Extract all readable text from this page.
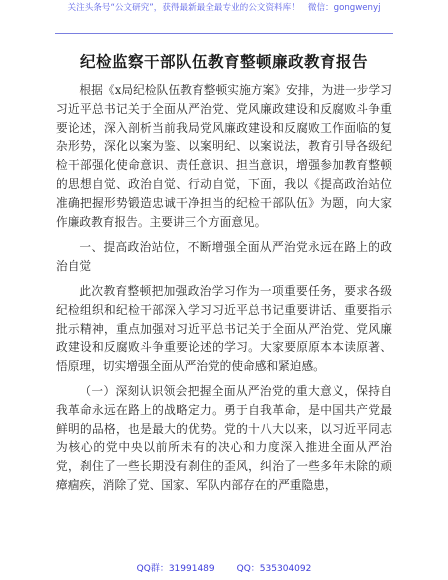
关注头条号“公文研究”，获得最新最全最专业的公文资料库！ 微信：gongwenyj
纪检监察干部队伍教育整顿廉政教育报告

根据《x局纪检队伍教育整顿实施方案》安排，为进一步学习习近平总书记关于全面从严治党、党风廉政建设和反腐败斗争重要论述，深入剖析当前我局党风廉政建设和反腐败工作面临的复杂形势，深化以案为鉴、以案明纪、以案说法，教育引导各级纪检干部强化使命意识、责任意识、担当意识，增强参加教育整顿的思想自觉、政治自觉、行动自觉，下面，我以《提高政治站位准确把握形势锻造忠诚干净担当的纪检干部队伍》为题，向大家作廉政教育报告。主要讲三个方面意见。

一、提高政治站位，不断增强全面从严治党永远在路上的政治自觉

此次教育整顿把加强政治学习作为一项重要任务，要求各级纪检组织和纪检干部深入学习习近平总书记重要讲话、重要指示批示精神，重点加强对习近平总书记关于全面从严治党、党风廉政建设和反腐败斗争重要论述的学习。大家要原原本本读原著、悟原理，切实增强全面从严治党的使命感和紧迫感。

（一）深刻认识领会把握全面从严治党的重大意义，保持自我革命永远在路上的战略定力。勇于自我革命，是中国共产党最鲜明的品格，也是最大的优势。党的十八大以来，以习近平同志为核心的党中央以前所未有的决心和力度深入推进全面从严治党，刹住了一些长期没有刹住的歪风，纠治了一些多年未除的顽瘴痼疾，消除了党、国家、军队内部存在的严重隐患，

QQ群：31991489 QQ：535304092
